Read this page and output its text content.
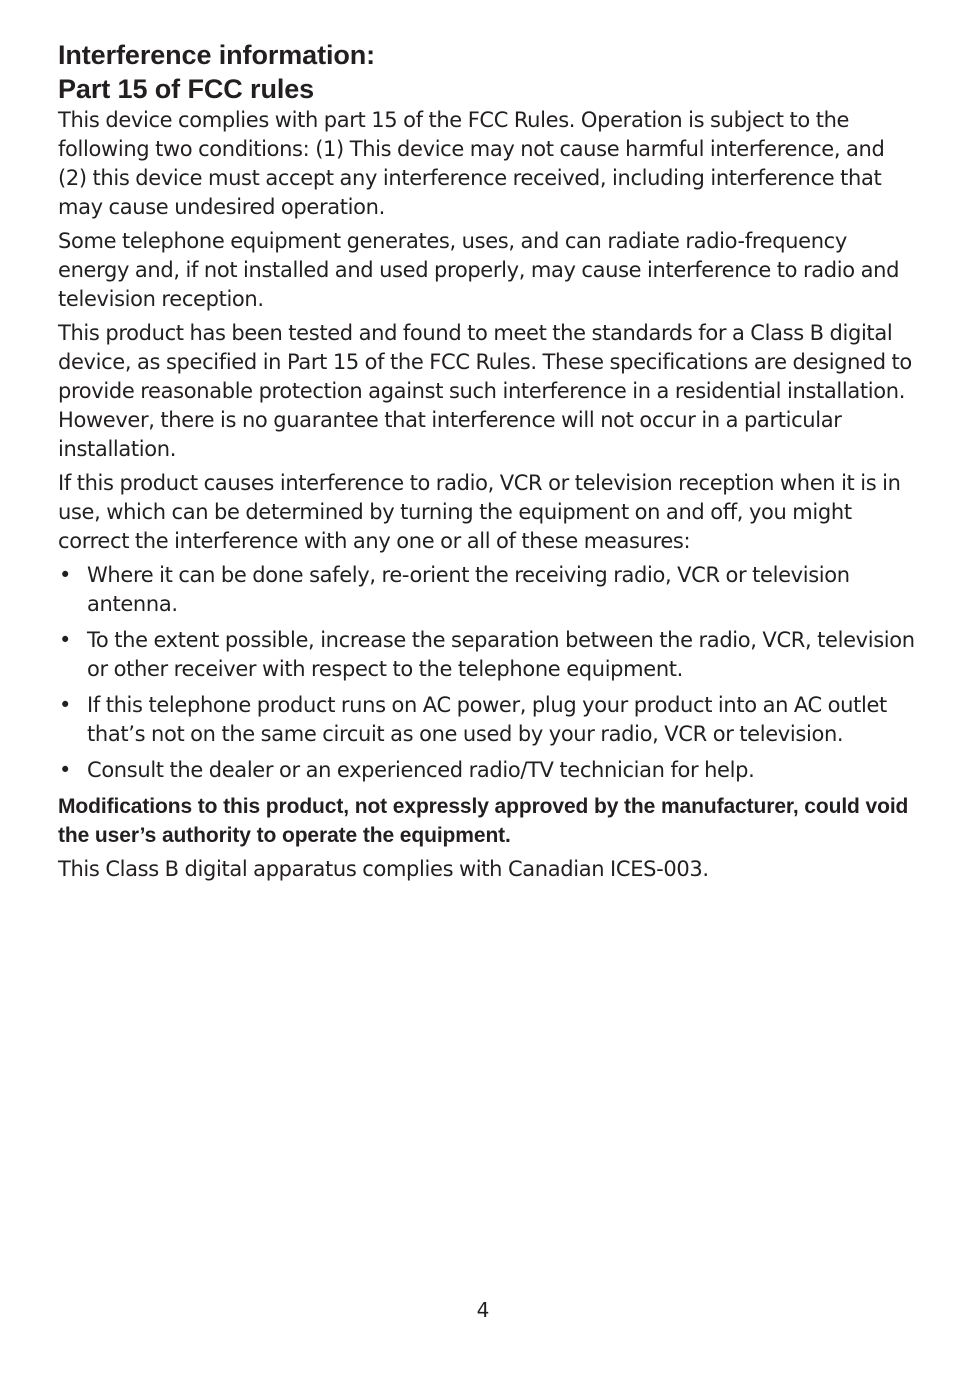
Interference information:
Part 15 of FCC rules

This device complies with part 15 of the FCC Rules. Operation is subject to the following two conditions: (1) This device may not cause harmful interference, and (2) this device must accept any interference received, including interference that may cause undesired operation.

Some telephone equipment generates, uses, and can radiate radio-frequency energy and, if not installed and used properly, may cause interference to radio and television reception.

This product has been tested and found to meet the standards for a Class B digital device, as specified in Part 15 of the FCC Rules. These specifications are designed to provide reasonable protection against such interference in a residential installation. However, there is no guarantee that interference will not occur in a particular installation.

If this product causes interference to radio, VCR or television reception when it is in use, which can be determined by turning the equipment on and off, you might correct the interference with any one or all of these measures:

• Where it can be done safely, re-orient the receiving radio, VCR or television antenna.
• To the extent possible, increase the separation between the radio, VCR, television or other receiver with respect to the telephone equipment.
• If this telephone product runs on AC power, plug your product into an AC outlet that’s not on the same circuit as one used by your radio, VCR or television.
• Consult the dealer or an experienced radio/TV technician for help.

Modifications to this product, not expressly approved by the manufacturer, could void the user’s authority to operate the equipment.

This Class B digital apparatus complies with Canadian ICES-003.

4
